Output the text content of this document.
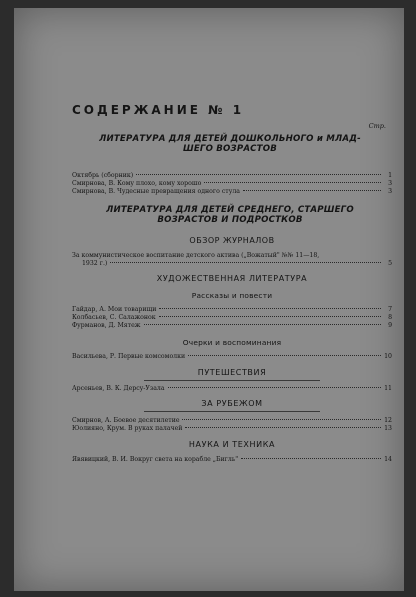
Стр.
СОДЕРЖАНИЕ № 1
ЛИТЕРАТУРА ДЛЯ ДЕТЕЙ ДОШКОЛЬНОГО и МЛАД-
ШЕГО ВОЗРАСТОВ
Октябрь (сборник)	1
Смирнова, В. Кому плохо, кому хорошо	3
Смирнова, В. Чудесные превращения одного стула	3
ЛИТЕРАТУРА ДЛЯ ДЕТЕЙ СРЕДНЕГО, СТАРШЕГО
ВОЗРАСТОВ И ПОДРОСТКОВ
ОБЗОР ЖУРНАЛОВ
За коммунистическое воспитание детского актива („Вожатый" №№ 11—18,
1932 г.)	5
ХУДОЖЕСТВЕННАЯ ЛИТЕРАТУРА
Рассказы и повести
Гайдар, А. Мои товарищи	7
Колбасьев, С. Салажонок	8
Фурманов, Д. Мятеж	9
Очерки и воспоминания
Васильева, Р. Первые комсомолки	10
ПУТЕШЕСТВИЯ
Арсеньев, В. К. Дерсу-Узала	11
ЗА РУБЕЖОМ
Смирнов, А. Боевое десятилетие	12
Юолиянo, Крум. В руках палачей	13
НАУКА И ТЕХНИКА
Явявицкий, В. И. Вокруг света на корабле „Бигль"	14
